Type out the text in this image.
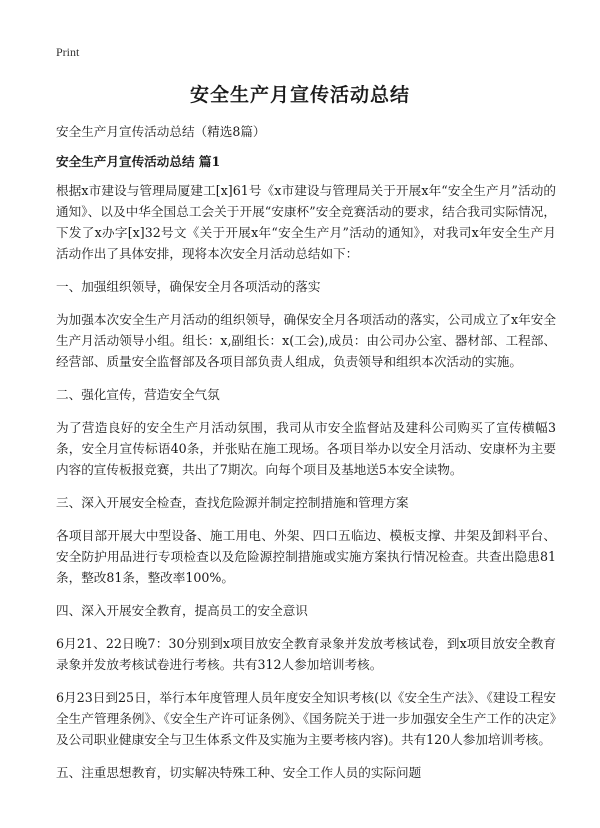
Print
安全生产月宣传活动总结

安全生产月宣传活动总结（精选8篇）

安全生产月宣传活动总结 篇1

根据x市建设与管理局厦建工[x]61号《x市建设与管理局关于开展x年“安全生产月”活动的通知》、以及中华全国总工会关于开展“安康杯”安全竞赛活动的要求，结合我司实际情况，下发了x办字[x]32号文《关于开展x年“安全生产月”活动的通知》，对我司x年安全生产月活动作出了具体安排，现将本次安全月活动总结如下：

一、加强组织领导，确保安全月各项活动的落实

为加强本次安全生产月活动的组织领导，确保安全月各项活动的落实，公司成立了x年安全生产月活动领导小组。组长：x,副组长：x(工会),成员：由公司办公室、器材部、工程部、经营部、质量安全监督部及各项目部负责人组成，负责领导和组织本次活动的实施。

二、强化宣传，营造安全气氛

为了营造良好的安全生产月活动氛围，我司从市安全监督站及建科公司购买了宣传横幅3条，安全月宣传标语40条，并张贴在施工现场。各项目举办以安全月活动、安康杯为主要内容的宣传板报竞赛，共出了7期次。向每个项目及基地送5本安全读物。

三、深入开展安全检查，查找危险源并制定控制措施和管理方案

各项目部开展大中型设备、施工用电、外架、四口五临边、模板支撑、井架及卸料平台、安全防护用品进行专项检查以及危险源控制措施或实施方案执行情况检查。共查出隐患81条，整改81条，整改率100%。

四、深入开展安全教育，提高员工的安全意识

6月21、22日晚7：30分别到x项目放安全教育录象并发放考核试卷，到x项目放安全教育录象并发放考核试卷进行考核。共有312人参加培训考核。

6月23日到25日，举行本年度管理人员年度安全知识考核(以《安全生产法》、《建设工程安全生产管理条例》、《安全生产许可证条例》、《国务院关于进一步加强安全生产工作的决定》及公司职业健康安全与卫生体系文件及实施为主要考核内容)。共有120人参加培训考核。

五、注重思想教育，切实解决特殊工种、安全工作人员的实际问题
